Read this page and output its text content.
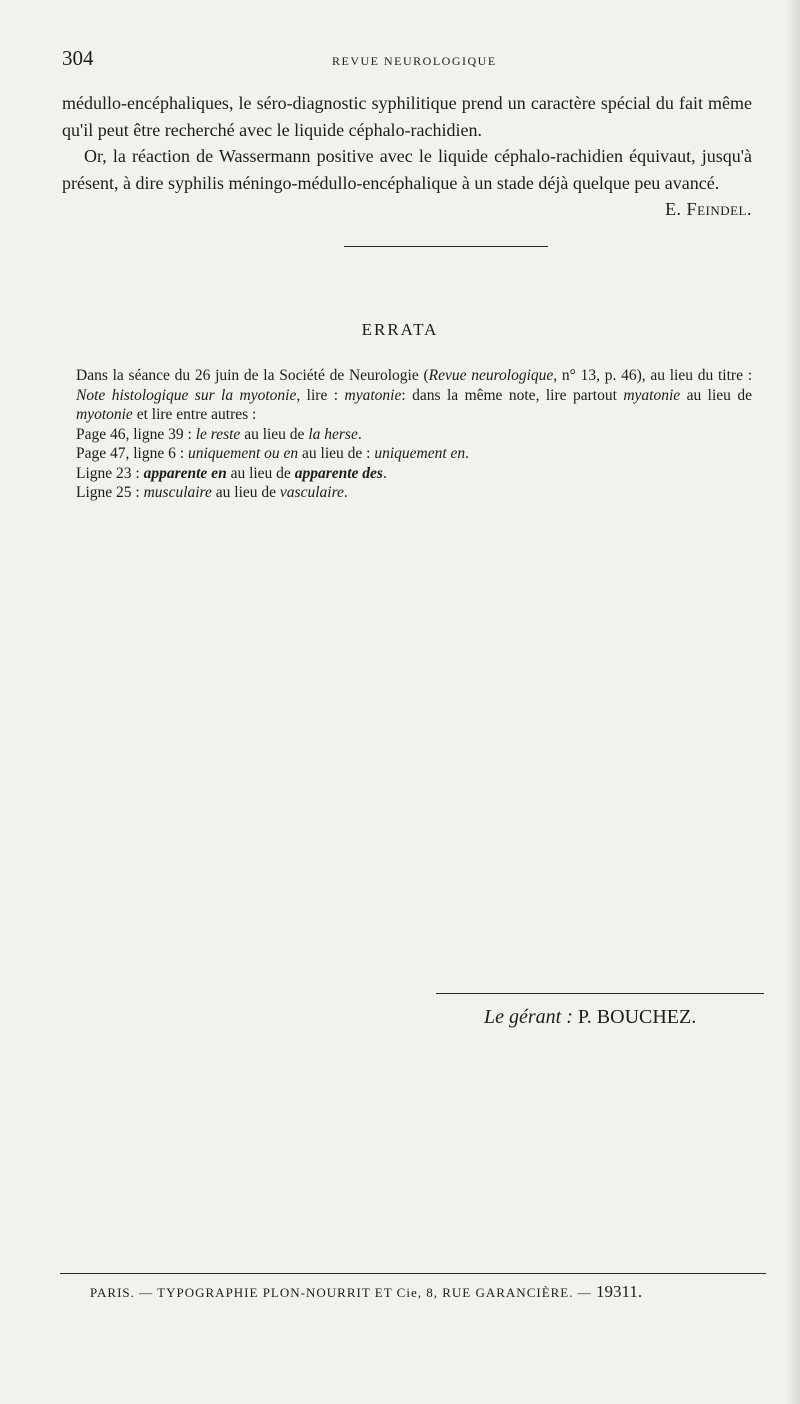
304	REVUE NEUROLOGIQUE

médullo-encéphaliques, le séro-diagnostic syphilitique prend un caractère spécial du fait même qu'il peut être recherché avec le liquide céphalo-rachidien.

Or, la réaction de Wassermann positive avec le liquide céphalo-rachidien équivaut, jusqu'à présent, à dire syphilis méningo-médullo-encéphalique à un stade déjà quelque peu avancé.
E. Feindel.

ERRATA

Dans la séance du 26 juin de la Société de Neurologie (Revue neurologique, n° 13, p. 46), au lieu du titre : Note histologique sur la myotonie, lire : myatonie: dans la même note, lire partout myatonie au lieu de myotonie et lire entre autres :

Page 46, ligne 39 : le reste au lieu de la herse.

Page 47, ligne 6 : uniquement ou en au lieu de : uniquement en.

Ligne 23 : apparente en au lieu de apparente des.

Ligne 25 : musculaire au lieu de vasculaire.

Le gérant : P. BOUCHEZ.
PARIS. — TYPOGRAPHIE PLON-NOURRIT ET Cie, 8, RUE GARANCIÈRE. — 19311.
